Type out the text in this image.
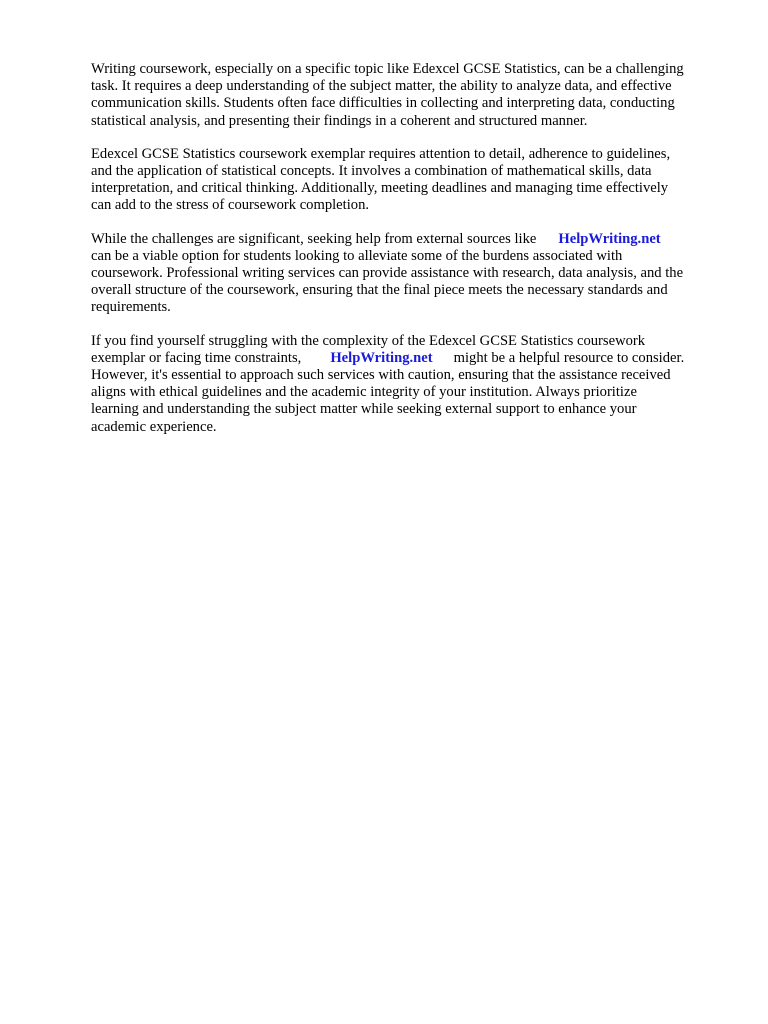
Writing coursework, especially on a specific topic like Edexcel GCSE Statistics, can be a challenging
task. It requires a deep understanding of the subject matter, the ability to analyze data, and effective
communication skills. Students often face difficulties in collecting and interpreting data, conducting
statistical analysis, and presenting their findings in a coherent and structured manner.

Edexcel GCSE Statistics coursework exemplar requires attention to detail, adherence to guidelines,
and the application of statistical concepts. It involves a combination of mathematical skills, data
interpretation, and critical thinking. Additionally, meeting deadlines and managing time effectively
can add to the stress of coursework completion.

While the challenges are significant, seeking help from external sources like HelpWriting.net
can be a viable option for students looking to alleviate some of the burdens associated with
coursework. Professional writing services can provide assistance with research, data analysis, and the
overall structure of the coursework, ensuring that the final piece meets the necessary standards and
requirements.

If you find yourself struggling with the complexity of the Edexcel GCSE Statistics coursework
exemplar or facing time constraints, HelpWriting.net might be a helpful resource to consider.
However, it's essential to approach such services with caution, ensuring that the assistance received
aligns with ethical guidelines and the academic integrity of your institution. Always prioritize
learning and understanding the subject matter while seeking external support to enhance your
academic experience.
